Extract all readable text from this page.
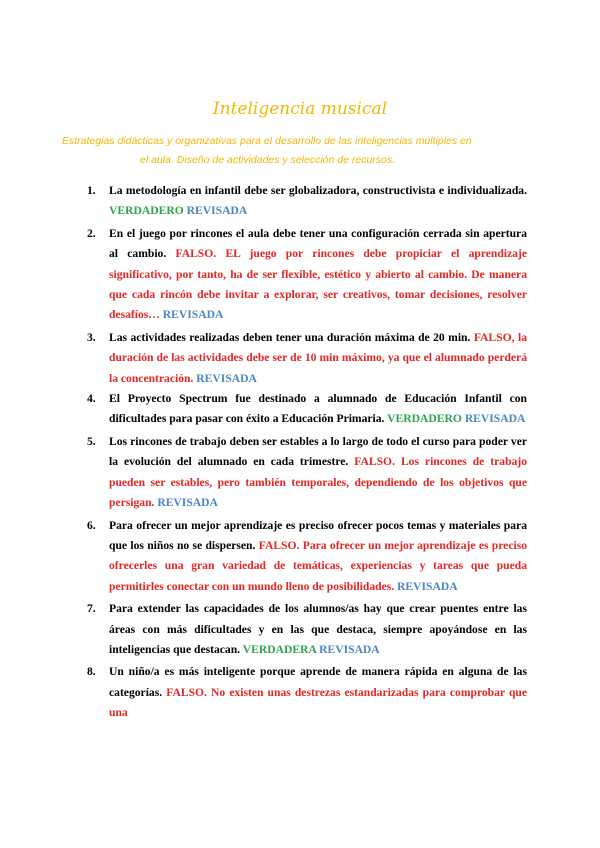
Inteligencia musical
Estrategias didácticas y organizativas para el desarrollo de las inteligencias múltiples en
el aula. Diseño de actividades y selección de recursos.
1. La metodología en infantil debe ser globalizadora, constructivista e individualizada. VERDADERO REVISADA
2. En el juego por rincones el aula debe tener una configuración cerrada sin apertura al cambio. FALSO. EL juego por rincones debe propiciar el aprendizaje significativo, por tanto, ha de ser flexible, estético y abierto al cambio. De manera que cada rincón debe invitar a explorar, ser creativos, tomar decisiones, resolver desafíos… REVISADA
3. Las actividades realizadas deben tener una duración máxima de 20 min. FALSO, la duración de las actividades debe ser de 10 min máximo, ya que el alumnado perderá la concentración. REVISADA
4. El Proyecto Spectrum fue destinado a alumnado de Educación Infantil con dificultades para pasar con éxito a Educación Primaria. VERDADERO REVISADA
5. Los rincones de trabajo deben ser estables a lo largo de todo el curso para poder ver la evolución del alumnado en cada trimestre. FALSO. Los rincones de trabajo pueden ser estables, pero también temporales, dependiendo de los objetivos que persigan. REVISADA
6. Para ofrecer un mejor aprendizaje es preciso ofrecer pocos temas y materiales para que los niños no se dispersen. FALSO. Para ofrecer un mejor aprendizaje es preciso ofrecerles una gran variedad de temáticas, experiencias y tareas que pueda permitirles conectar con un mundo lleno de posibilidades. REVISADA
7. Para extender las capacidades de los alumnos/as hay que crear puentes entre las áreas con más dificultades y en las que destaca, siempre apoyándose en las inteligencias que destacan. VERDADERA REVISADA
8. Un niño/a es más inteligente porque aprende de manera rápida en alguna de las categorías. FALSO. No existen unas destrezas estandarizadas para comprobar que una
